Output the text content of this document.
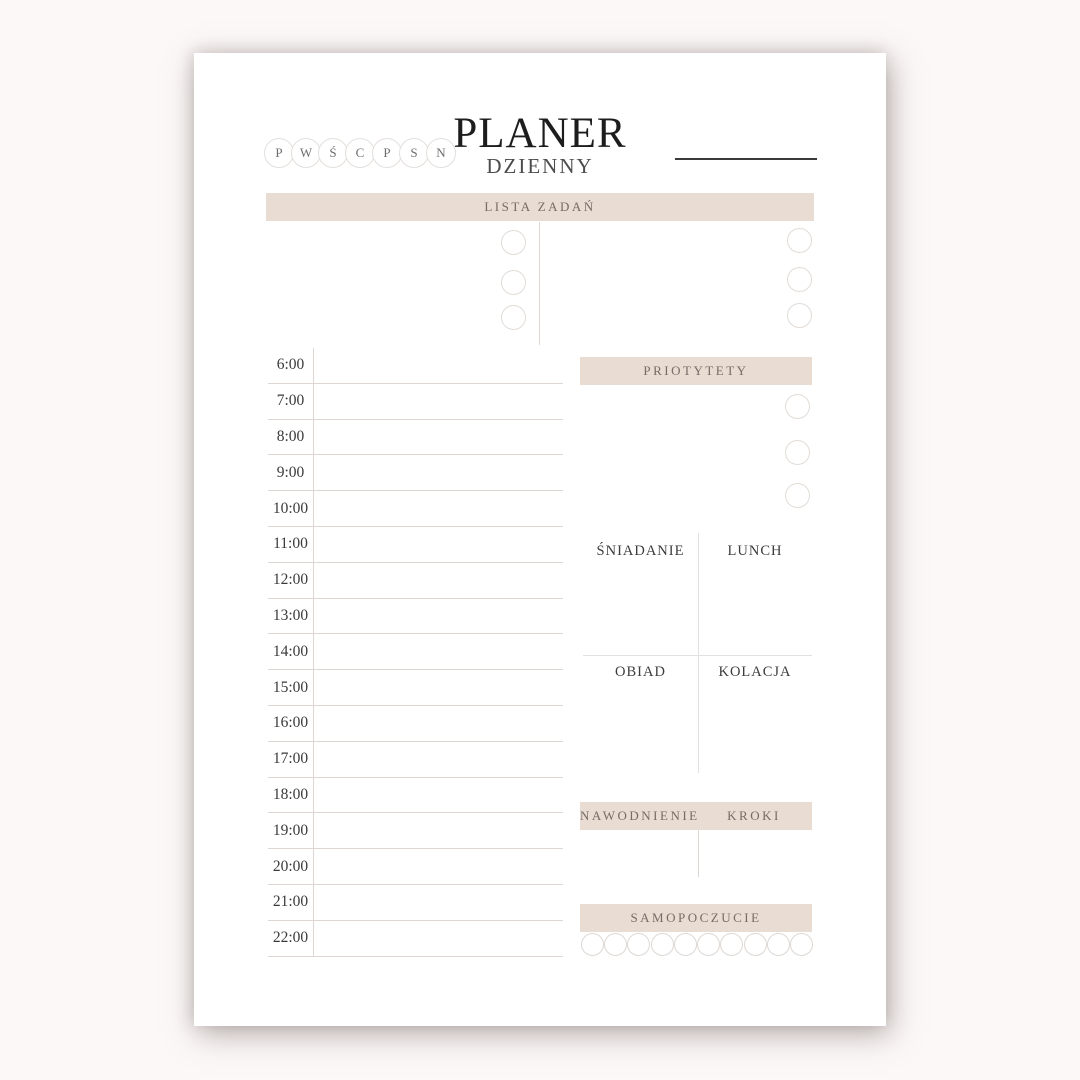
P W Ś C P S N PLANER
DZIENNY
LISTA ZADAŃ
6:00
7:00
8:00
9:00
10:00
11:00
12:00
13:00
14:00
15:00
16:00
17:00
18:00
19:00
20:00
21:00
22:00
PRIOTYTETY
ŚNIADANIE	LUNCH
OBIAD	KOLACJA
NAWODNIENIE	KROKI
SAMOPOCZUCIE
